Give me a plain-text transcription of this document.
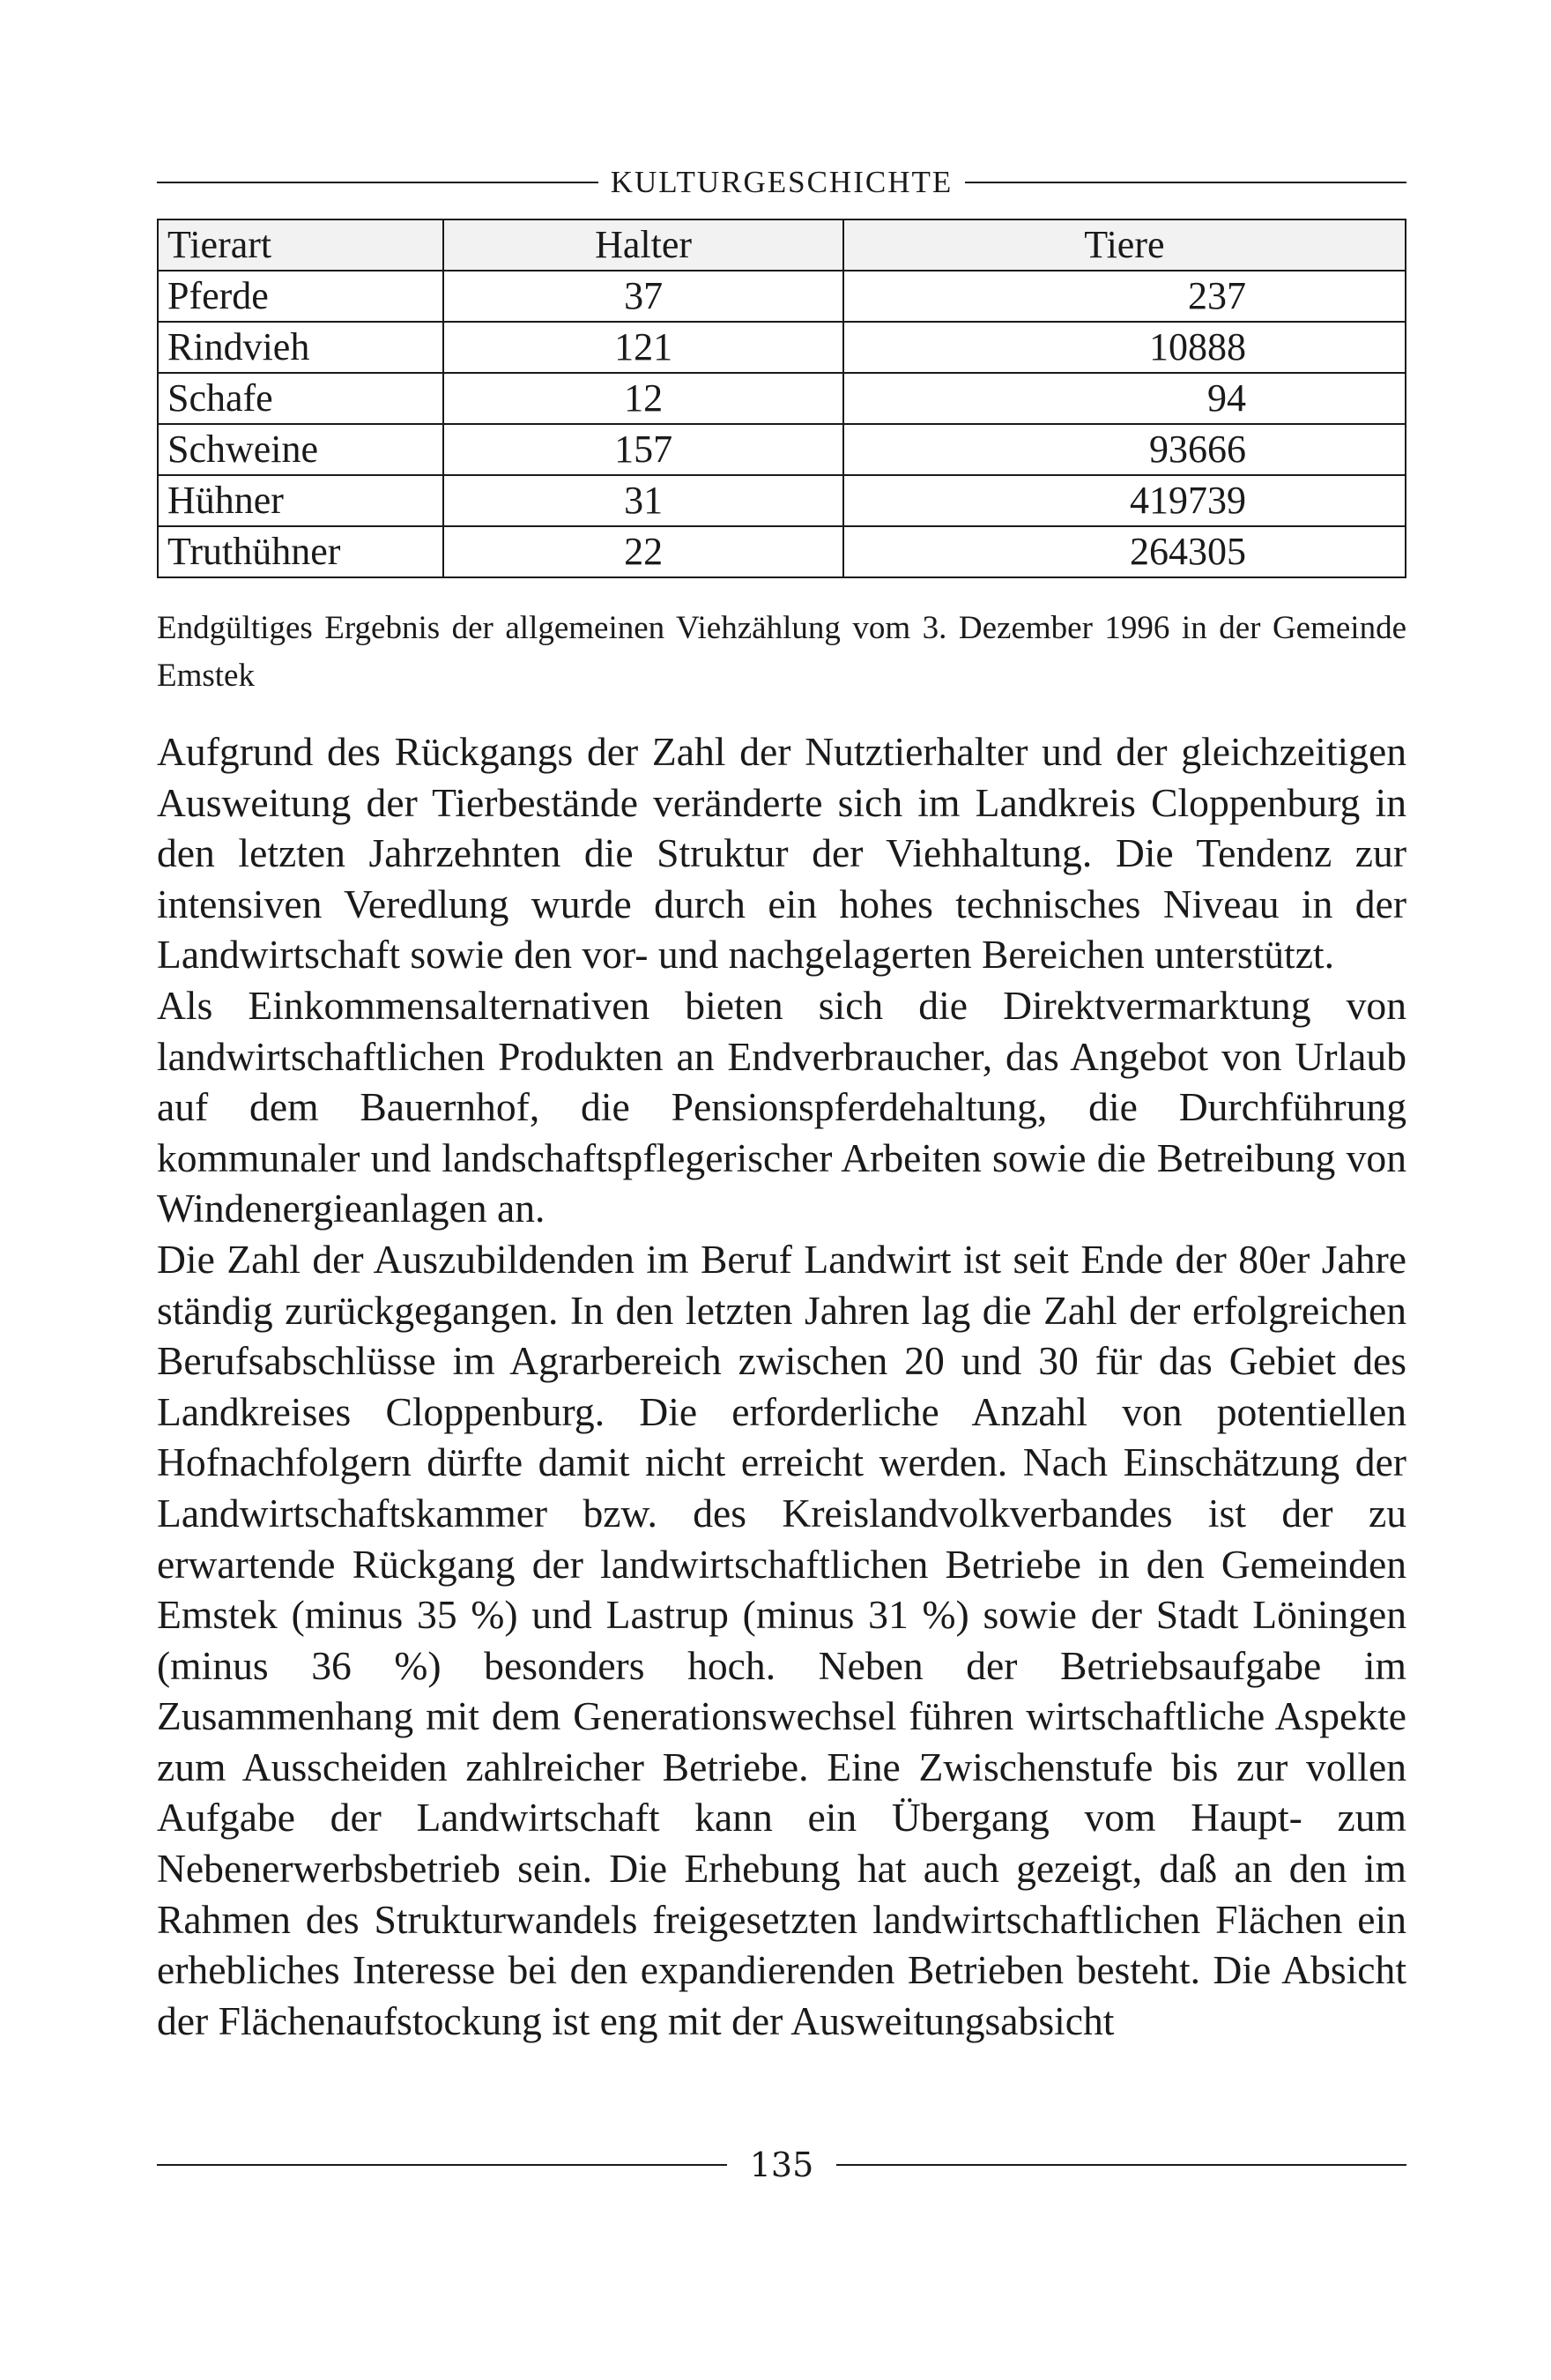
KULTURGESCHICHTE
Tierart	Halter	Tiere
Pferde	37	237
Rindvieh	121	10888
Schafe	12	94
Schweine	157	93666
Hühner	31	419739
Truthühner	22	264305
Endgültiges Ergebnis der allgemeinen Viehzählung vom 3. Dezember 1996 in der Gemeinde Emstek

Aufgrund des Rückgangs der Zahl der Nutztierhalter und der gleichzeitigen Ausweitung der Tierbestände veränderte sich im Landkreis Cloppenburg in den letzten Jahrzehnten die Struktur der Viehhaltung. Die Tendenz zur intensiven Veredlung wurde durch ein hohes technisches Niveau in der Landwirtschaft sowie den vor- und nachgelagerten Bereichen unterstützt.

Als Einkommensalternativen bieten sich die Direktvermarktung von landwirtschaftlichen Produkten an Endverbraucher, das Angebot von Urlaub auf dem Bauernhof, die Pensionspferdehaltung, die Durchführung kommunaler und landschaftspflegerischer Arbeiten sowie die Betreibung von Windenergieanlagen an.

Die Zahl der Auszubildenden im Beruf Landwirt ist seit Ende der 80er Jahre ständig zurückgegangen. In den letzten Jahren lag die Zahl der erfolgreichen Berufsabschlüsse im Agrarbereich zwischen 20 und 30 für das Gebiet des Landkreises Cloppenburg. Die erforderliche Anzahl von potentiellen Hofnachfolgern dürfte damit nicht erreicht werden. Nach Einschätzung der Landwirtschaftskammer bzw. des Kreislandvolkverbandes ist der zu erwartende Rückgang der landwirtschaftlichen Betriebe in den Gemeinden Emstek (minus 35 %) und Lastrup (minus 31 %) sowie der Stadt Löningen (minus 36 %) besonders hoch. Neben der Betriebsaufgabe im Zusammenhang mit dem Generationswechsel führen wirtschaftliche Aspekte zum Ausscheiden zahlreicher Betriebe. Eine Zwischenstufe bis zur vollen Aufgabe der Landwirtschaft kann ein Übergang vom Haupt- zum Nebenerwerbsbetrieb sein. Die Erhebung hat auch gezeigt, daß an den im Rahmen des Strukturwandels freigesetzten landwirtschaftlichen Flächen ein erhebliches Interesse bei den expandierenden Betrieben besteht. Die Absicht der Flächenaufstockung ist eng mit der Ausweitungsabsicht

135
